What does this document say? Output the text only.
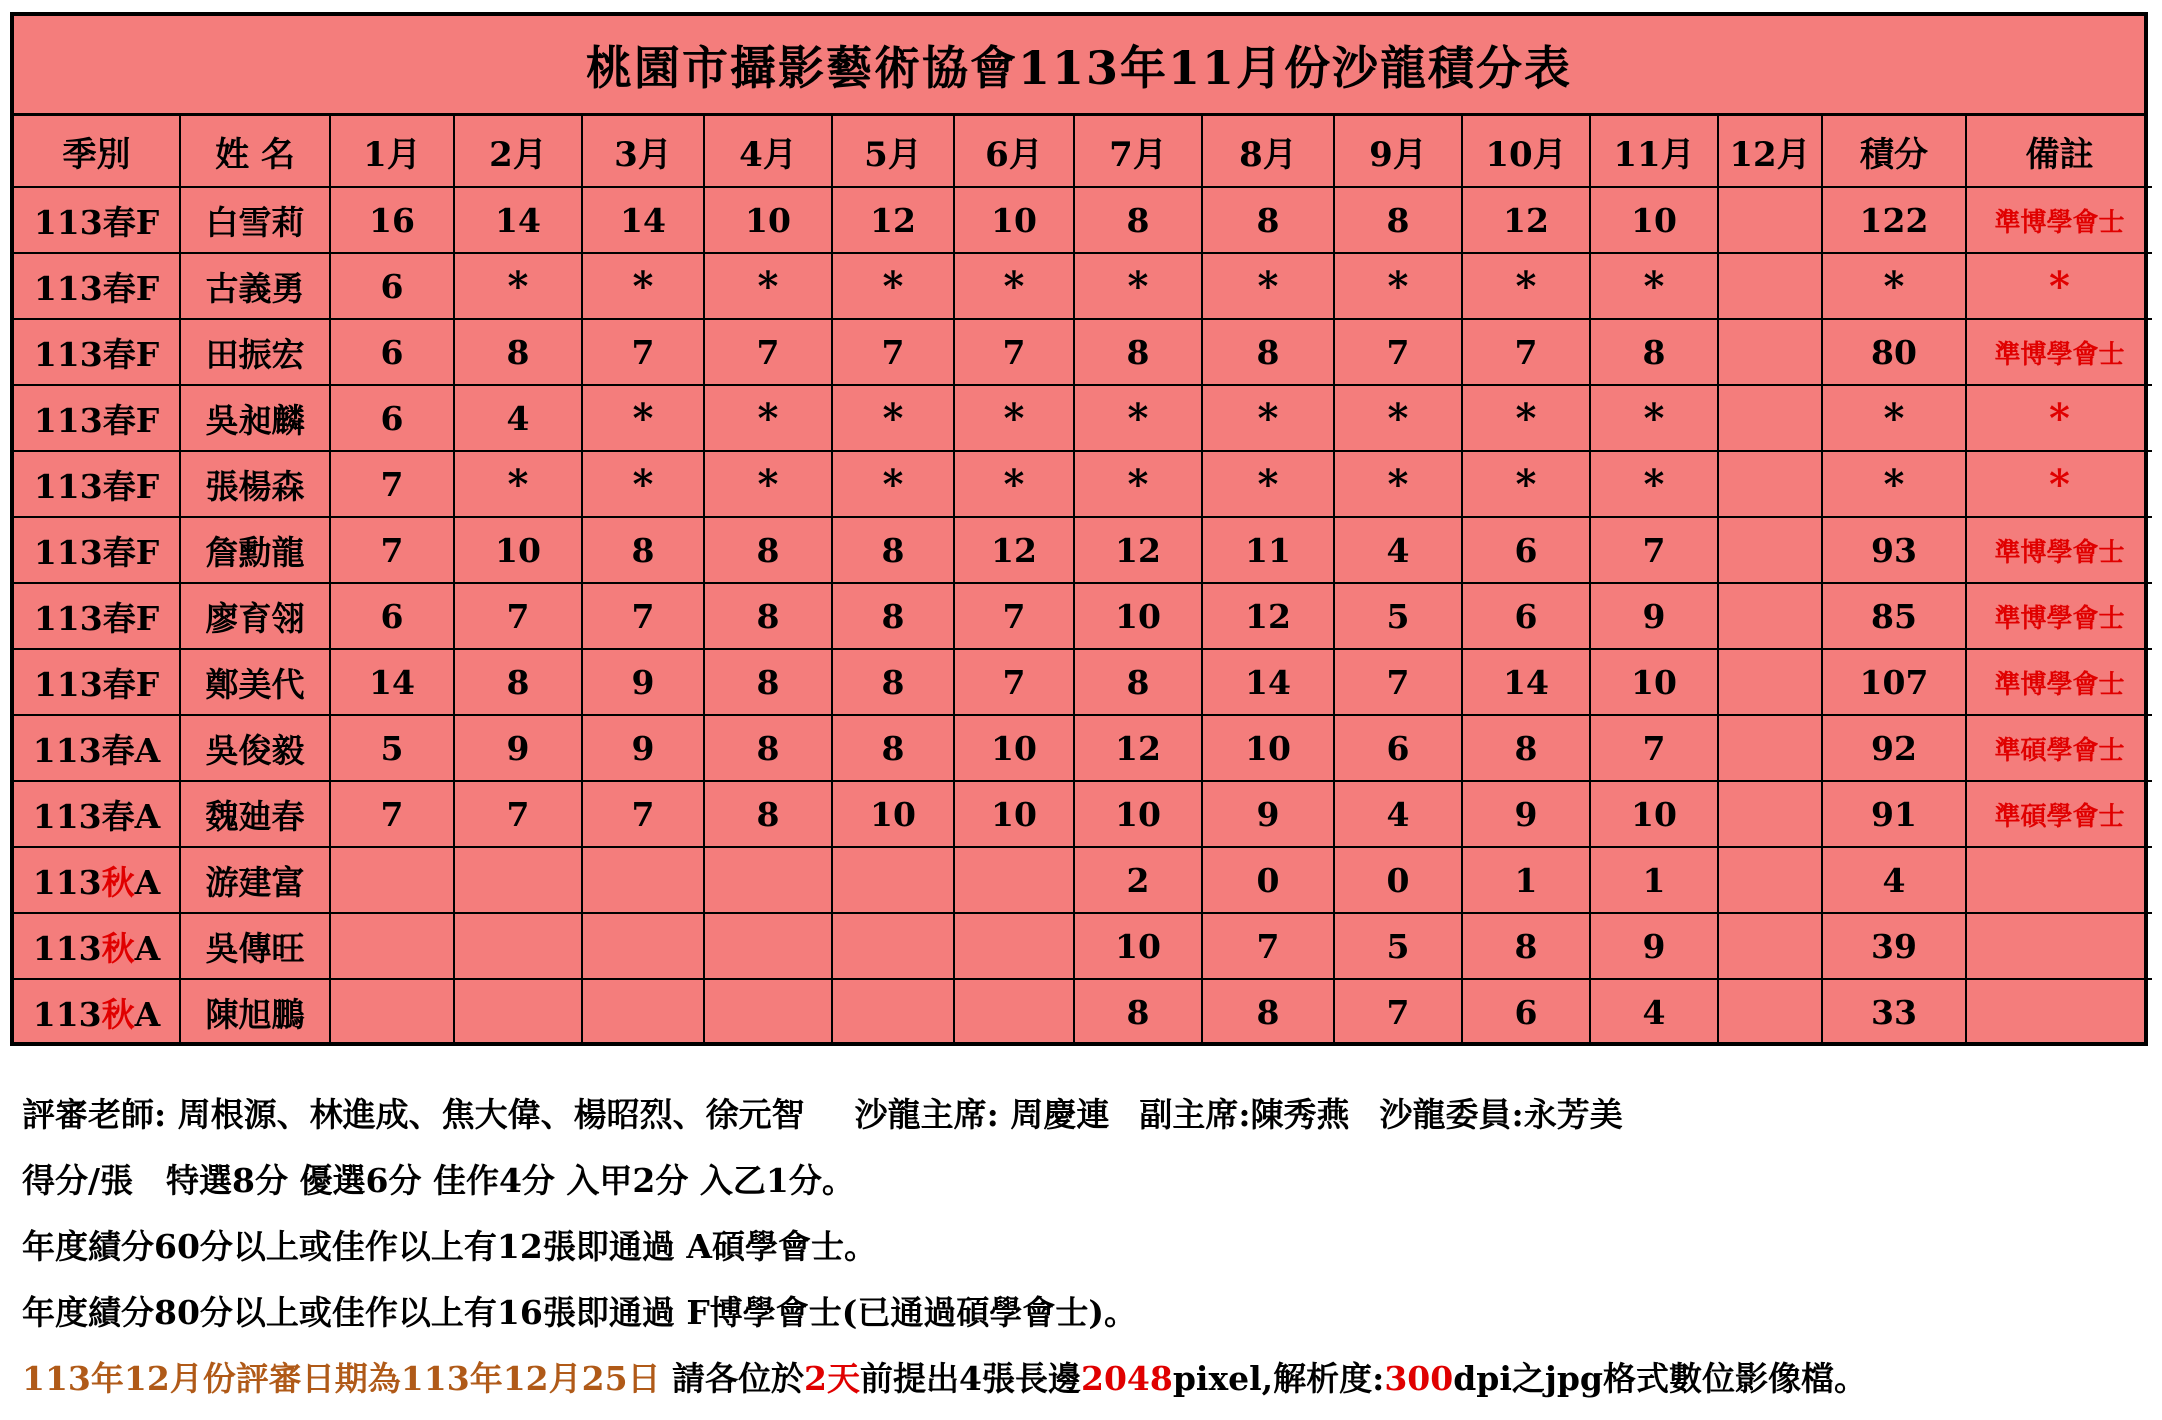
桃園市攝影藝術協會113年11月份沙龍積分表
季別	姓 名	1月	2月	3月	4月	5月	6月	7月	8月	9月	10月	11月	12月	積分	備註
113春F	白雪莉	16	14	14	10	12	10	8	8	8	12	10		122	準博學會士
113春F	古義勇	6	*	*	*	*	*	*	*	*	*	*		*	*
113春F	田振宏	6	8	7	7	7	7	8	8	7	7	8		80	準博學會士
113春F	吳昶麟	6	4	*	*	*	*	*	*	*	*	*		*	*
113春F	張楊森	7	*	*	*	*	*	*	*	*	*	*		*	*
113春F	詹勳龍	7	10	8	8	8	12	12	11	4	6	7		93	準博學會士
113春F	廖育翎	6	7	7	8	8	7	10	12	5	6	9		85	準博學會士
113春F	鄭美代	14	8	9	8	8	7	8	14	7	14	10		107	準博學會士
113春A	吳俊毅	5	9	9	8	8	10	12	10	6	8	7		92	準碩學會士
113春A	魏廸春	7	7	7	8	10	10	10	9	4	9	10		91	準碩學會士
113秋A	游建富							2	0	0	1	1		4	
113秋A	吳傳旺							10	7	5	8	9		39	
113秋A	陳旭鵬							8	8	7	6	4		33	
評審老師: 周根源、林進成、焦大偉、楊昭烈、徐元智 沙龍主席: 周慶連 副主席:陳秀燕 沙龍委員:永芳美
得分/張　特選8分 優選6分 佳作4分 入甲2分 入乙1分。
年度績分60分以上或佳作以上有12張即通過 A碩學會士。
年度績分80分以上或佳作以上有16張即通過 F博學會士(已通過碩學會士)。
113年12月份評審日期為113年12月25日 請各位於2天前提出4張長邊2048pixel,解析度:300dpi之jpg格式數位影像檔。
